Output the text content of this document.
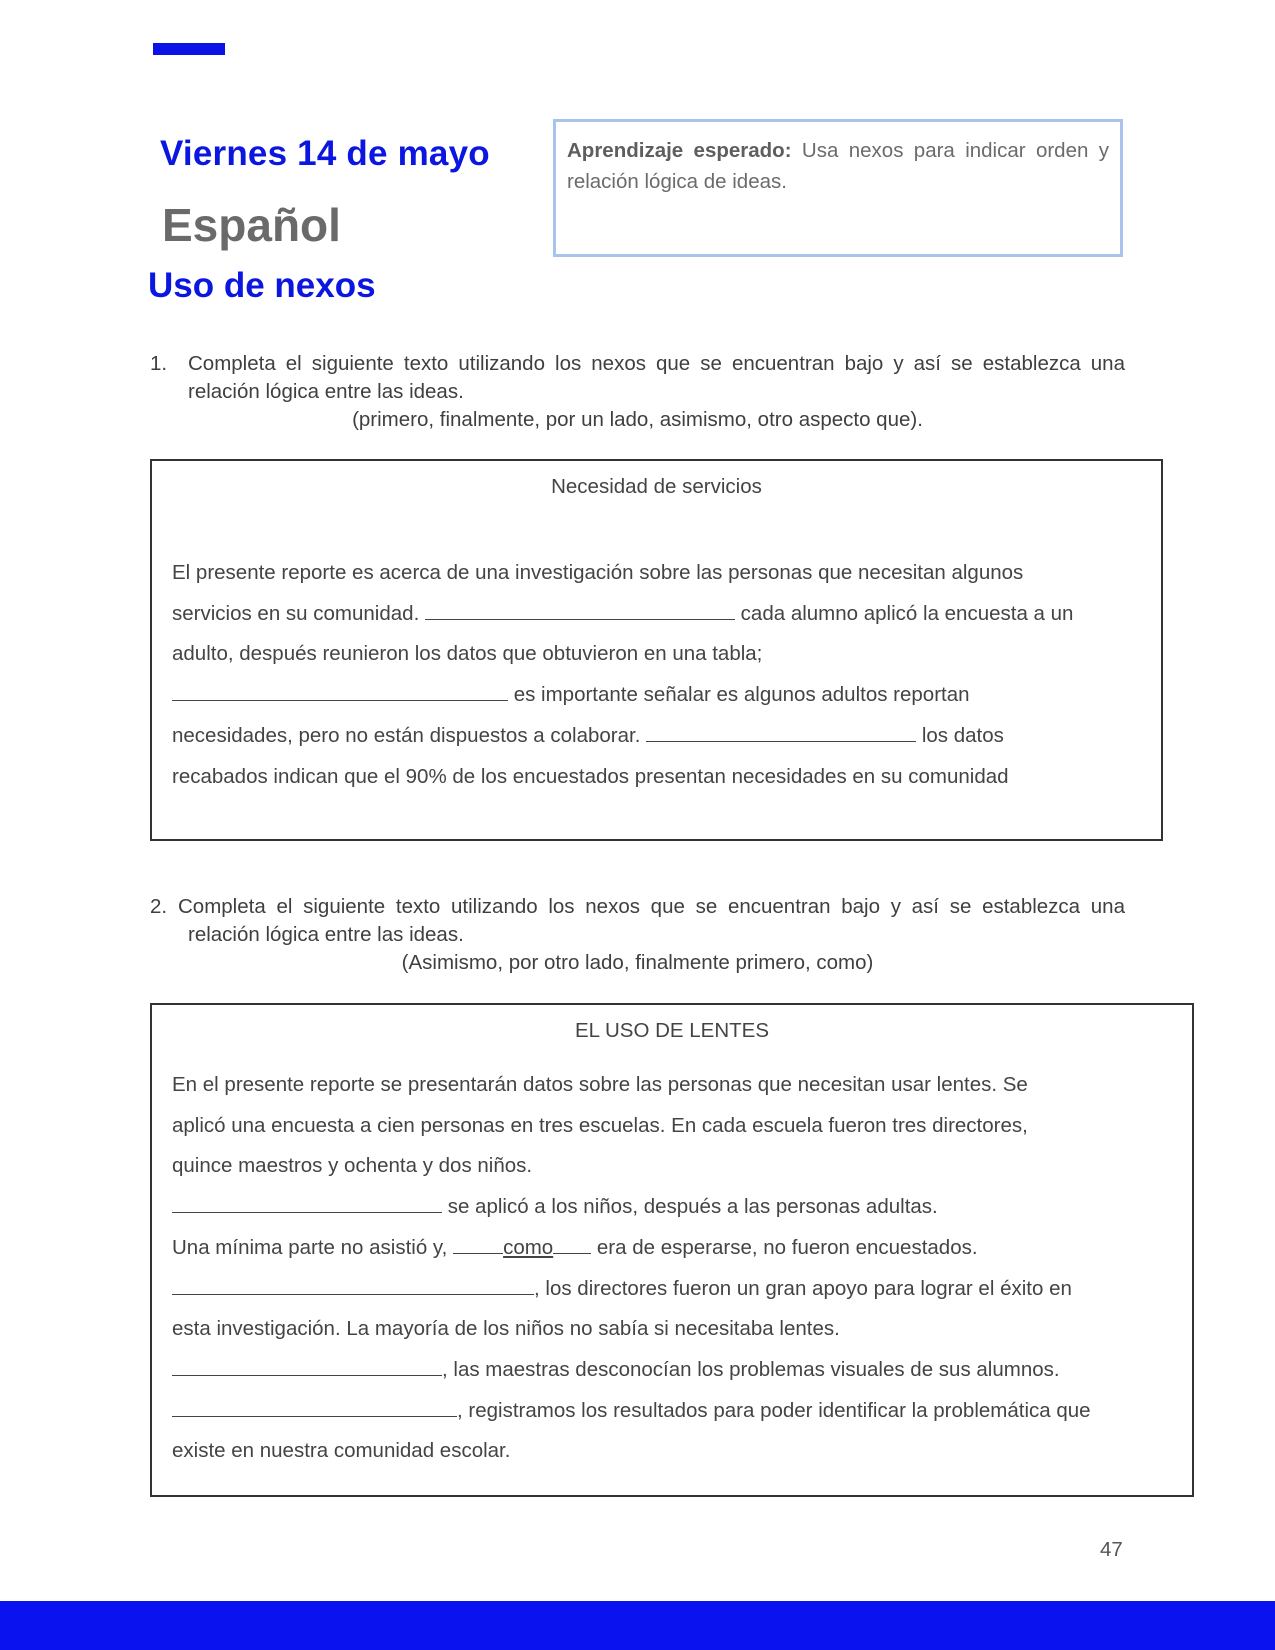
Viernes 14 de mayo
Español
Uso de nexos
Aprendizaje esperado: Usa nexos para indicar orden y relación lógica de ideas.
1. Completa el siguiente texto utilizando los nexos que se encuentran bajo y así se establezca una relación lógica entre las ideas.
(primero, finalmente, por un lado, asimismo, otro aspecto que).
Necesidad de servicios
El presente reporte es acerca de una investigación sobre las personas que necesitan algunos
servicios en su comunidad.	cada alumno aplicó la encuesta a un
adulto, después reunieron los datos que obtuvieron en una tabla;
es importante señalar es algunos adultos reportan
necesidades, pero no están dispuestos a colaborar.	los datos
recabados indican que el 90% de los encuestados presentan necesidades en su comunidad
2. Completa el siguiente texto utilizando los nexos que se encuentran bajo y así se establezca una relación lógica entre las ideas.
(Asimismo, por otro lado, finalmente primero, como)
EL USO DE LENTES
En el presente reporte se presentarán datos sobre las personas que necesitan usar lentes. Se
aplicó una encuesta a cien personas en tres escuelas. En cada escuela fueron tres directores,
quince maestros y ochenta y dos niños.
se aplicó a los niños, después a las personas adultas.
Una mínima parte no asistió y,	como era de esperarse, no fueron encuestados.
, los directores fueron un gran apoyo para lograr el éxito en
esta investigación. La mayoría de los niños no sabía si necesitaba lentes.
, las maestras desconocían los problemas visuales de sus alumnos.
, registramos los resultados para poder identificar la problemática que
existe en nuestra comunidad escolar.
47
